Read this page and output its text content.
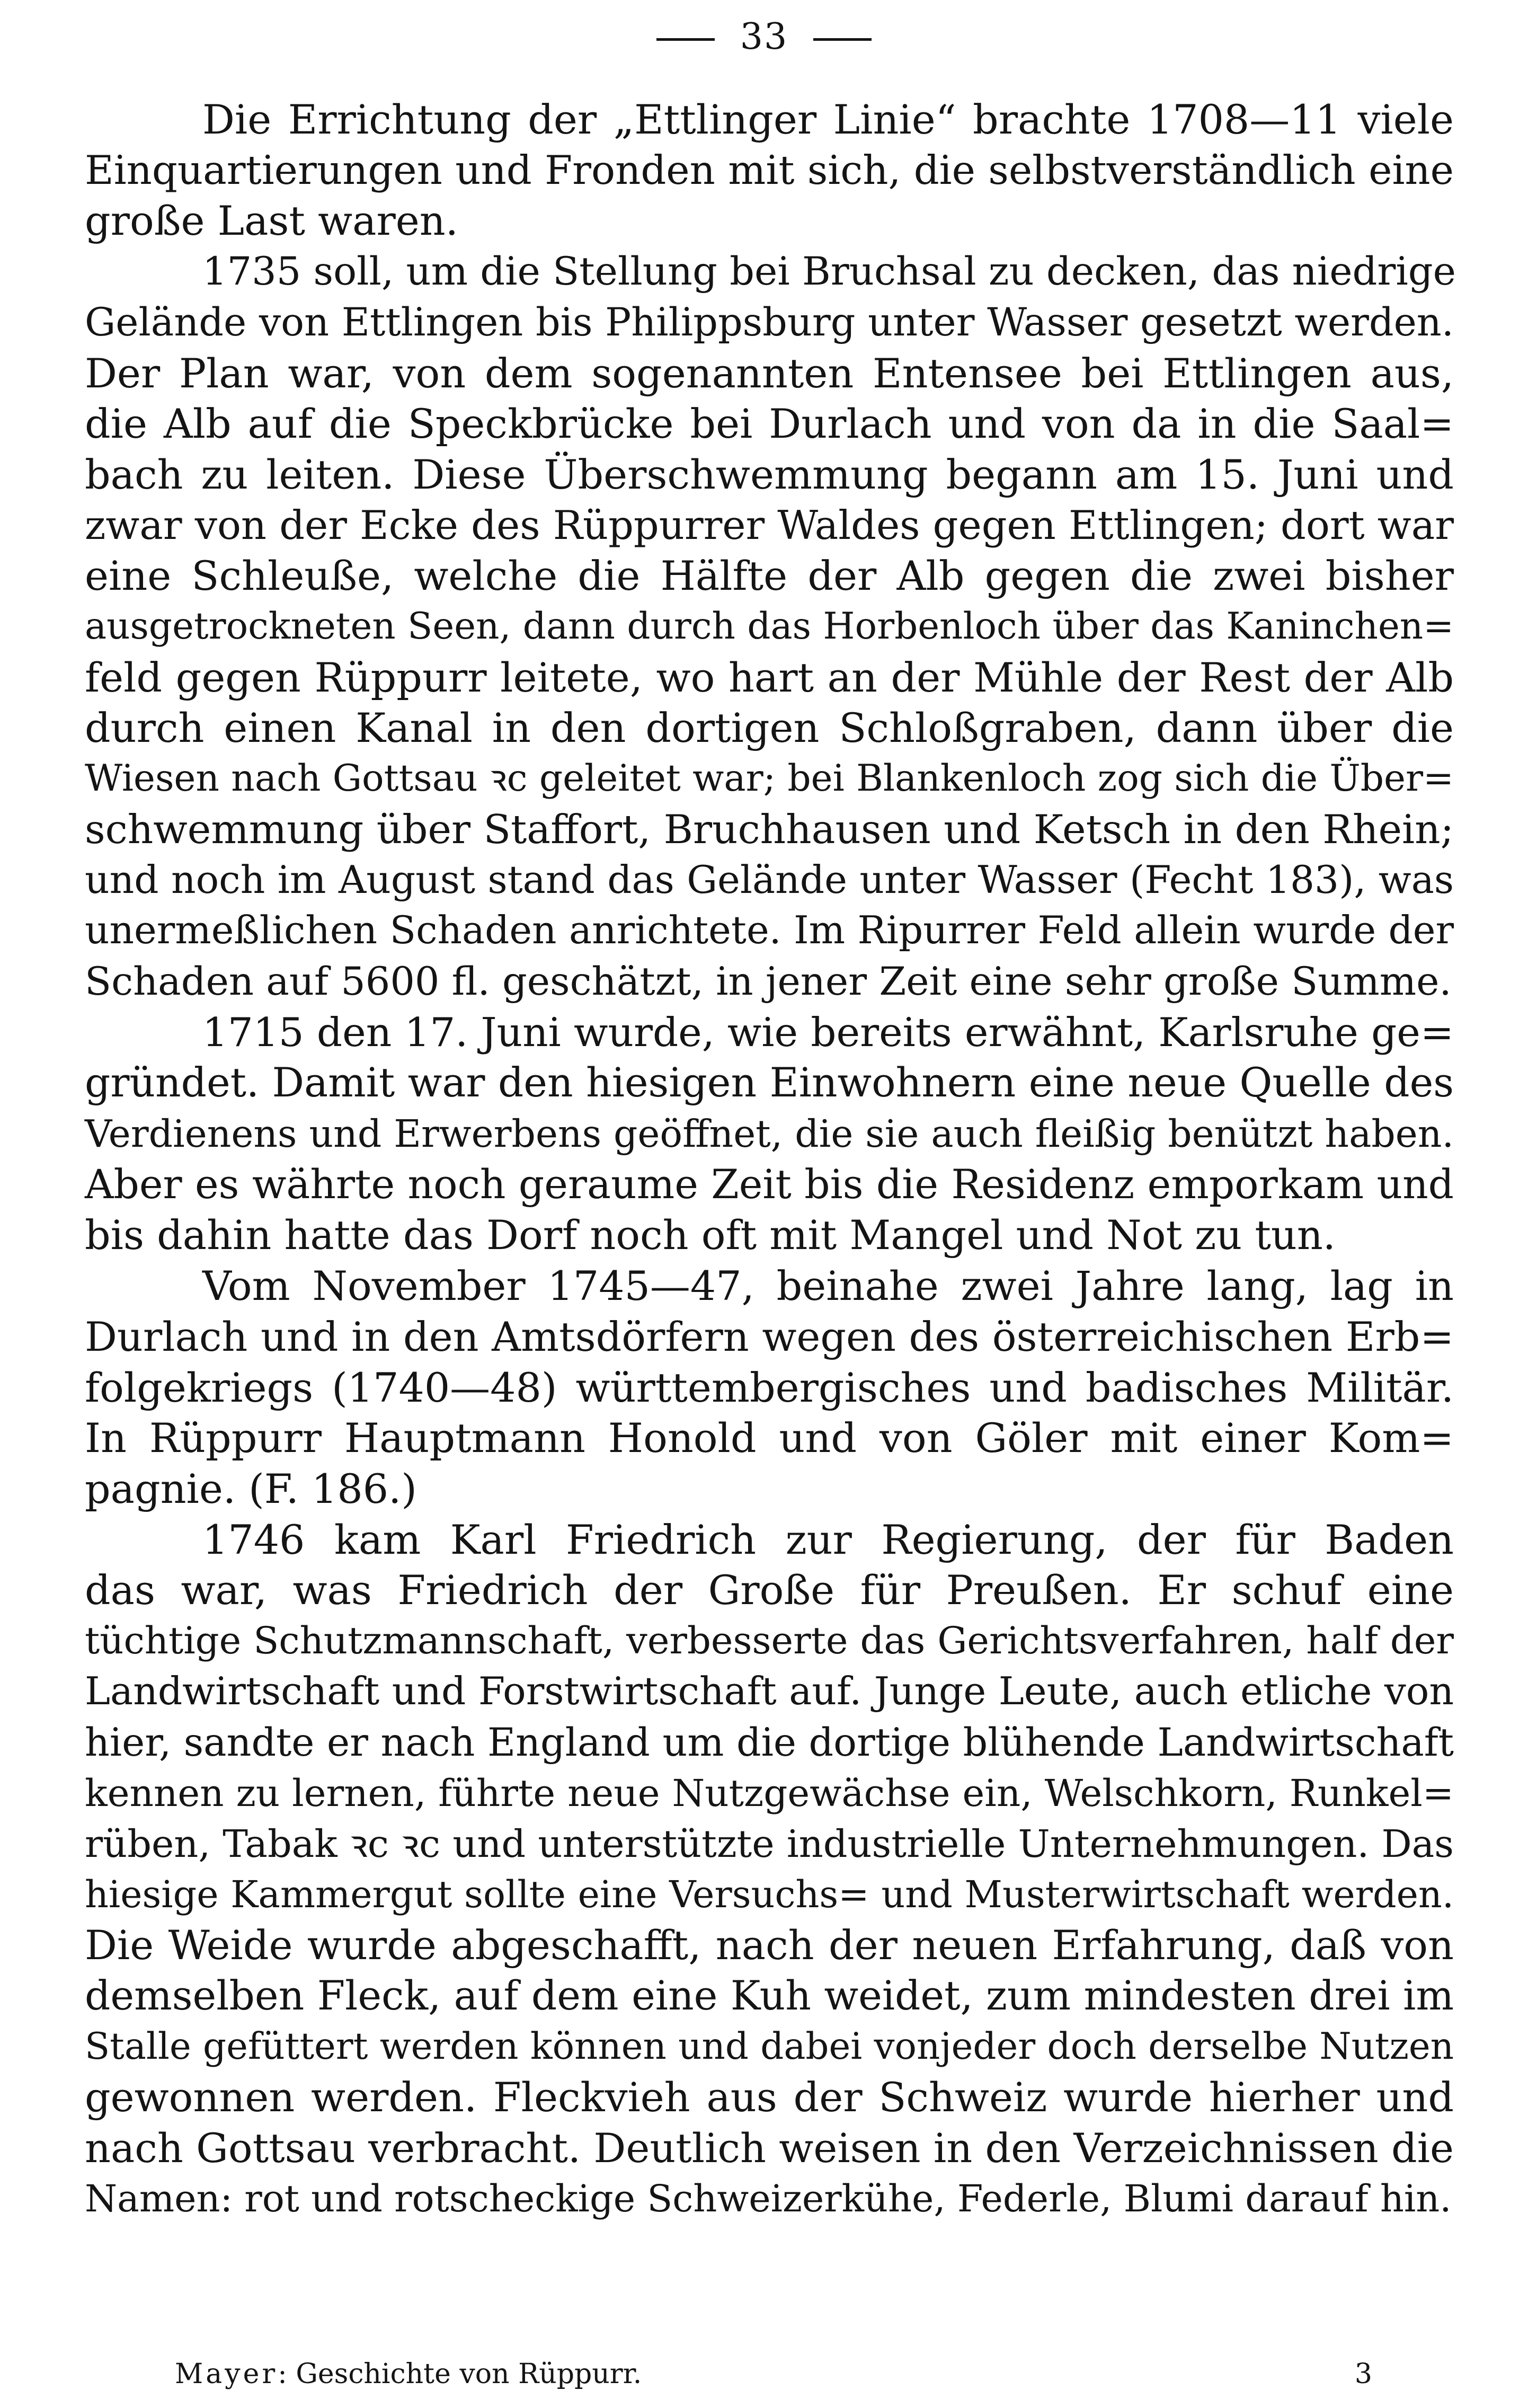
33
Die Errichtung der „Ettlinger Linie“ brachte 1708—11 viele
Einquartierungen und Fronden mit sich, die selbstverständlich eine
große Last waren.
1735 soll, um die Stellung bei Bruchsal zu decken, das niedrige
Gelände von Ettlingen bis Philippsburg unter Wasser gesetzt werden.
Der Plan war, von dem sogenannten Entensee bei Ettlingen aus,
die Alb auf die Speckbrücke bei Durlach und von da in die Saal=
bach zu leiten. Diese Überschwemmung begann am 15. Juni und
zwar von der Ecke des Rüppurrer Waldes gegen Ettlingen; dort war
eine Schleuße, welche die Hälfte der Alb gegen die zwei bisher
ausgetrockneten Seen, dann durch das Horbenloch über das Kaninchen=
feld gegen Rüppurr leitete, wo hart an der Mühle der Rest der Alb
durch einen Kanal in den dortigen Schloßgraben, dann über die
Wiesen nach Gottsau ꝛc geleitet war; bei Blankenloch zog sich die Über=
schwemmung über Staffort, Bruchhausen und Ketsch in den Rhein;
und noch im August stand das Gelände unter Wasser (Fecht 183), was
unermeßlichen Schaden anrichtete. Im Ripurrer Feld allein wurde der
Schaden auf 5600 fl. geschätzt, in jener Zeit eine sehr große Summe.
1715 den 17. Juni wurde, wie bereits erwähnt, Karlsruhe ge=
gründet. Damit war den hiesigen Einwohnern eine neue Quelle des
Verdienens und Erwerbens geöffnet, die sie auch fleißig benützt haben.
Aber es währte noch geraume Zeit bis die Residenz emporkam und
bis dahin hatte das Dorf noch oft mit Mangel und Not zu tun.
Vom November 1745—47, beinahe zwei Jahre lang, lag in
Durlach und in den Amtsdörfern wegen des österreichischen Erb=
folgekriegs (1740—48) württembergisches und badisches Militär.
In Rüppurr Hauptmann Honold und von Göler mit einer Kom=
pagnie. (F. 186.)
1746 kam Karl Friedrich zur Regierung, der für Baden
das war, was Friedrich der Große für Preußen. Er schuf eine
tüchtige Schutzmannschaft, verbesserte das Gerichtsverfahren, half der
Landwirtschaft und Forstwirtschaft auf. Junge Leute, auch etliche von
hier, sandte er nach England um die dortige blühende Landwirtschaft
kennen zu lernen, führte neue Nutzgewächse ein, Welschkorn, Runkel=
rüben, Tabak ꝛc ꝛc und unterstützte industrielle Unternehmungen. Das
hiesige Kammergut sollte eine Versuchs= und Musterwirtschaft werden.
Die Weide wurde abgeschafft, nach der neuen Erfahrung, daß von
demselben Fleck, auf dem eine Kuh weidet, zum mindesten drei im
Stalle gefüttert werden können und dabei vonjeder doch derselbe Nutzen
gewonnen werden. Fleckvieh aus der Schweiz wurde hierher und
nach Gottsau verbracht. Deutlich weisen in den Verzeichnissen die
Namen: rot und rotscheckige Schweizerkühe, Federle, Blumi darauf hin.
Mayer: Geschichte von Rüppurr.	3
